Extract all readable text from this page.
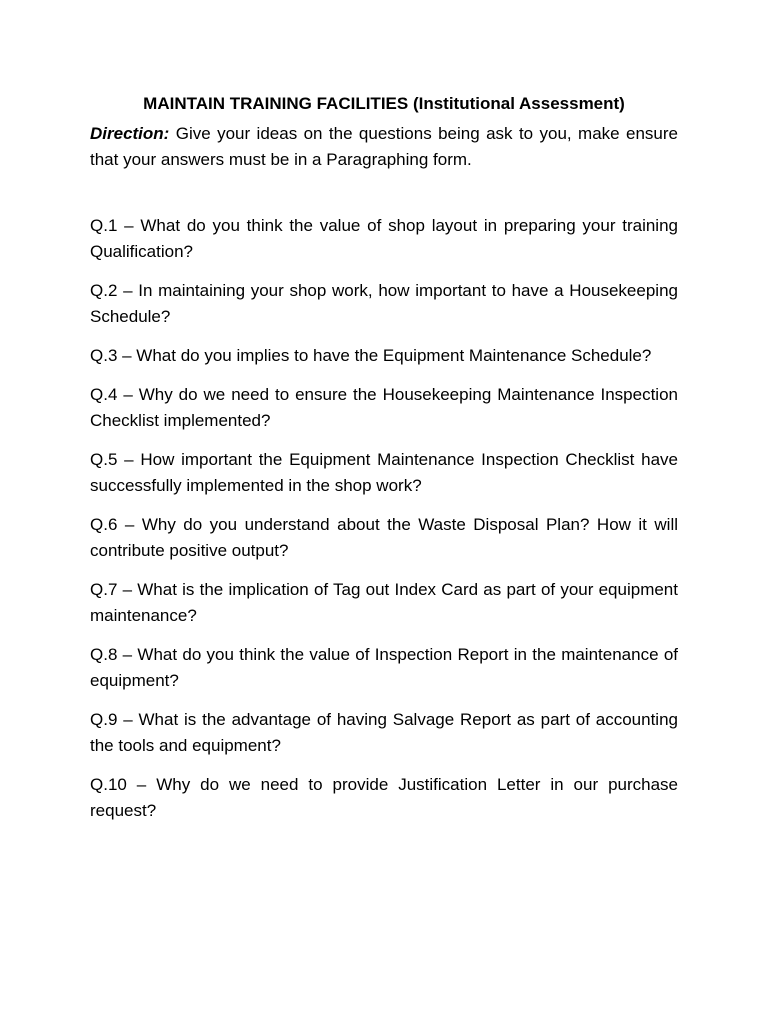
MAINTAIN TRAINING FACILITIES (Institutional Assessment)

Direction: Give your ideas on the questions being ask to you, make ensure that your answers must be in a Paragraphing form.

Q.1 – What do you think the value of shop layout in preparing your training Qualification?

Q.2 – In maintaining your shop work, how important to have a Housekeeping Schedule?

Q.3 – What do you implies to have the Equipment Maintenance Schedule?

Q.4 – Why do we need to ensure the Housekeeping Maintenance Inspection Checklist implemented?

Q.5 – How important the Equipment Maintenance Inspection Checklist have successfully implemented in the shop work?

Q.6 – Why do you understand about the Waste Disposal Plan? How it will contribute positive output?

Q.7 – What is the implication of Tag out Index Card as part of your equipment maintenance?

Q.8 – What do you think the value of Inspection Report in the maintenance of equipment?

Q.9 – What is the advantage of having Salvage Report as part of accounting the tools and equipment?

Q.10 – Why do we need to provide Justification Letter in our purchase request?
